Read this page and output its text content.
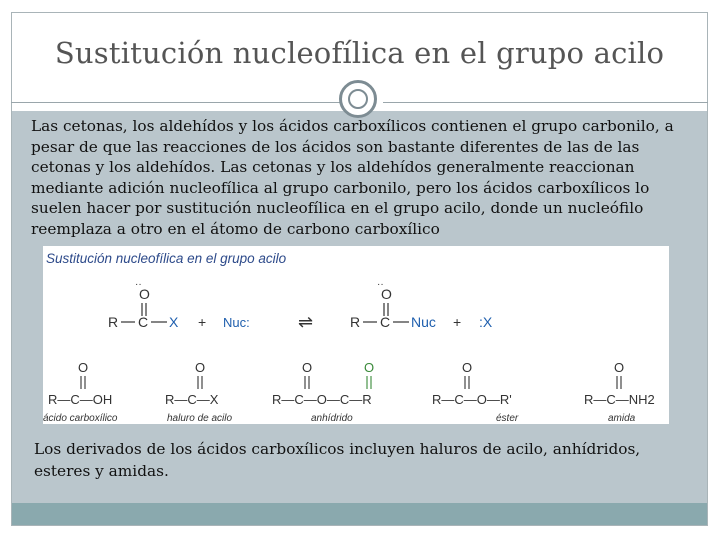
Sustitución nucleofílica en el grupo acilo

Las cetonas, los aldehídos y los ácidos carboxílicos contienen el grupo carbonilo, a pesar de que las reacciones de los ácidos son bastante diferentes de las de las cetonas y los aldehídos. Las cetonas y los aldehídos generalmente reaccionan mediante adición nucleofílica al grupo carbonilo, pero los ácidos carboxílicos lo suelen hacer por sustitución nucleofílica en el grupo acilo, donde un nucleófilo reemplaza a otro en el átomo de carbono carboxílico

Sustitución nucleofílica en el grupo acilo
O
··
R C X + Nuc:	⇌
O
··
R C Nuc + :X
O
R—C—OH
ácido carboxílico
O
R—C—X
haluro de acilo
O	O
R—C—O—C—R
anhídrido
O
R—C—O—R'
éster
O
R—C—NH2
amida

Los derivados de los ácidos carboxílicos incluyen haluros de acilo, anhídridos, esteres y amidas.
